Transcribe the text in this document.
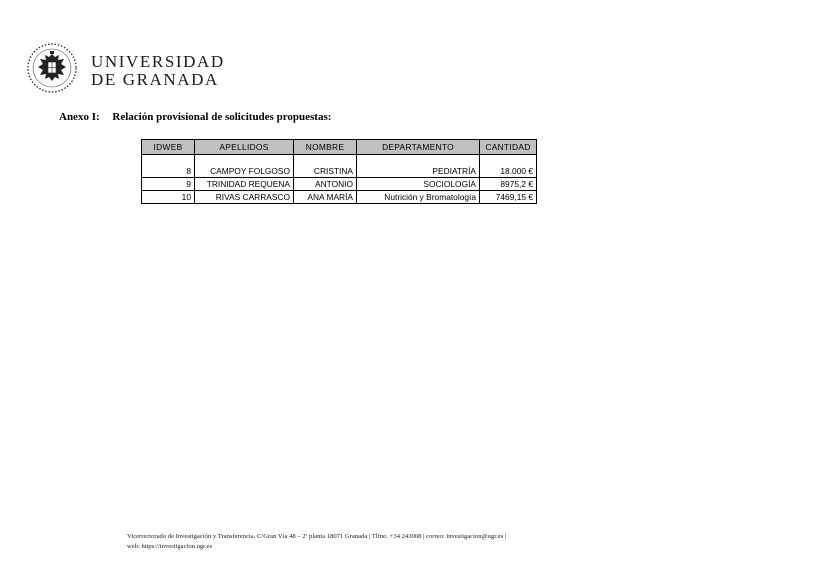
UNIVERSIDAD
DE GRANADA
Anexo I: Relación provisional de solicitudes propuestas:
IDWEB	APELLIDOS	NOMBRE	DEPARTAMENTO	CANTIDAD

8	CAMPOY FOLGOSO	CRISTINA	PEDIATRÍA	18.000 €
9	TRINIDAD REQUENA	ANTONIO	SOCIOLOGÍA	8975,2 €
10	RIVAS CARRASCO	ANA MARÍA	Nutrición y Bromatología	7469,15 €
Vicerrectorado de Investigación y Transferencia. C/Gran Vía 48 – 2ª planta 18071 Granada | Tlfno. +34 243008 | correo: investigacion@ugr.es |
web: https://investigacion.ugr.es
